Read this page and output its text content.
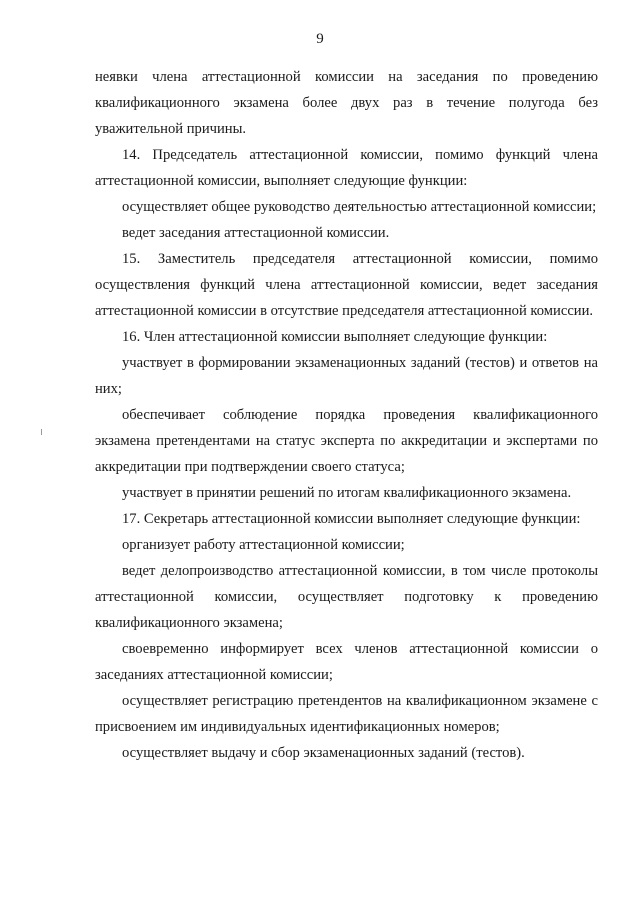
9

неявки члена аттестационной комиссии на заседания по проведению квалификационного экзамена более двух раз в течение полугода без уважительной причины.

14. Председатель аттестационной комиссии, помимо функций члена аттестационной комиссии, выполняет следующие функции:

осуществляет общее руководство деятельностью аттестационной комиссии;

ведет заседания аттестационной комиссии.

15. Заместитель председателя аттестационной комиссии, помимо осуществления функций члена аттестационной комиссии, ведет заседания аттестационной комиссии в отсутствие председателя аттестационной комиссии.

16. Член аттестационной комиссии выполняет следующие функции:

участвует в формировании экзаменационных заданий (тестов) и ответов на них;

обеспечивает соблюдение порядка проведения квалификационного экзамена претендентами на статус эксперта по аккредитации и экспертами по аккредитации при подтверждении своего статуса;

участвует в принятии решений по итогам квалификационного экзамена.

17. Секретарь аттестационной комиссии выполняет следующие функции:

организует работу аттестационной комиссии;

ведет делопроизводство аттестационной комиссии, в том числе протоколы аттестационной комиссии, осуществляет подготовку к проведению квалификационного экзамена;

своевременно информирует всех членов аттестационной комиссии о заседаниях аттестационной комиссии;

осуществляет регистрацию претендентов на квалификационном экзамене с присвоением им индивидуальных идентификационных номеров;

осуществляет выдачу и сбор экзаменационных заданий (тестов).
